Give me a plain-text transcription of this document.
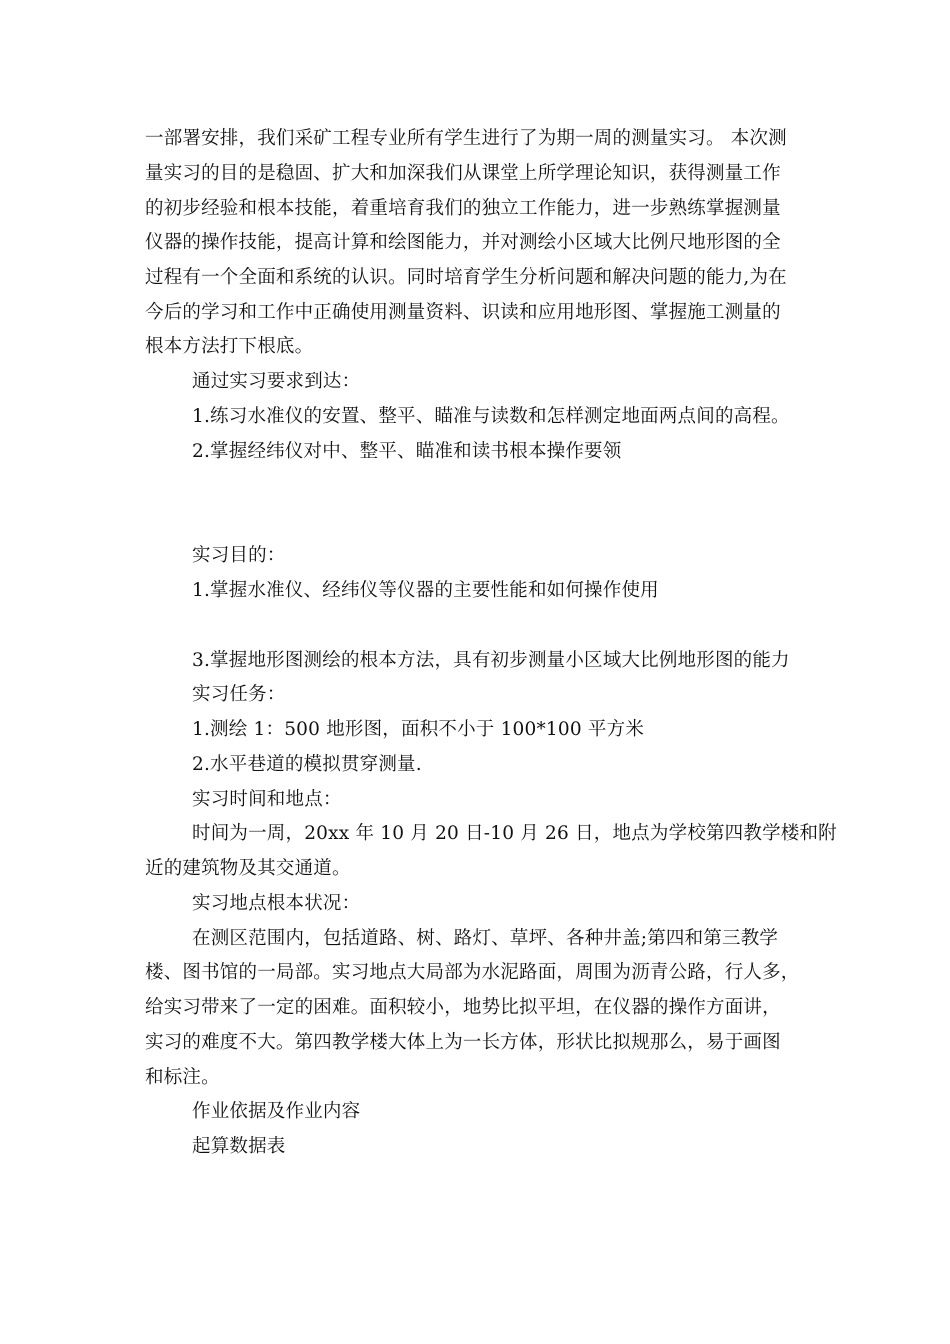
一部署安排，我们采矿工程专业所有学生进行了为期一周的测量实习。 本次测
量实习的目的是稳固、扩大和加深我们从课堂上所学理论知识，获得测量工作
的初步经验和根本技能，着重培育我们的独立工作能力，进一步熟练掌握测量
仪器的操作技能，提高计算和绘图能力，并对测绘小区域大比例尺地形图的全
过程有一个全面和系统的认识。同时培育学生分析问题和解决问题的能力,为在
今后的学习和工作中正确使用测量资料、识读和应用地形图、掌握施工测量的
根本方法打下根底。
通过实习要求到达：
1.练习水准仪的安置、整平、瞄准与读数和怎样测定地面两点间的高程。
2.掌握经纬仪对中、整平、瞄准和读书根本操作要领
实习目的：
1.掌握水准仪、经纬仪等仪器的主要性能和如何操作使用
3.掌握地形图测绘的根本方法，具有初步测量小区域大比例地形图的能力
实习任务：
1.测绘 1：500 地形图，面积不小于 100*100 平方米
2.水平巷道的模拟贯穿测量.
实习时间和地点：
时间为一周，20xx 年 10 月 20 日-10 月 26 日，地点为学校第四教学楼和附
近的建筑物及其交通道。
实习地点根本状况：
在测区范围内，包括道路、树、路灯、草坪、各种井盖;第四和第三教学
楼、图书馆的一局部。实习地点大局部为水泥路面，周围为沥青公路，行人多，
给实习带来了一定的困难。面积较小，地势比拟平坦，在仪器的操作方面讲，
实习的难度不大。第四教学楼大体上为一长方体，形状比拟规那么，易于画图
和标注。
作业依据及作业内容
起算数据表
